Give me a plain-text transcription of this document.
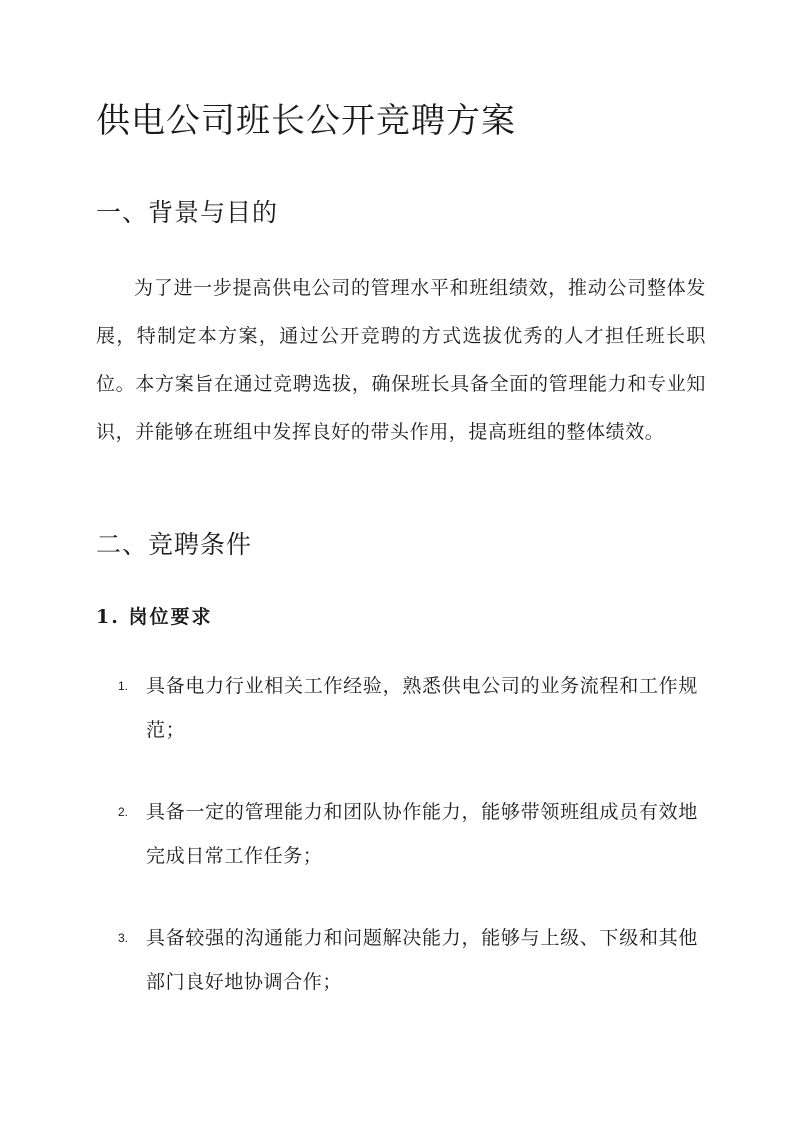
供电公司班长公开竞聘方案
一、背景与目的

为了进一步提高供电公司的管理水平和班组绩效，推动公司整体发展，特制定本方案，通过公开竞聘的方式选拔优秀的人才担任班长职位。本方案旨在通过竞聘选拔，确保班长具备全面的管理能力和专业知识，并能够在班组中发挥良好的带头作用，提高班组的整体绩效。

二、竞聘条件
1. 岗位要求
1. 具备电力行业相关工作经验，熟悉供电公司的业务流程和工作规范；
2. 具备一定的管理能力和团队协作能力，能够带领班组成员有效地完成日常工作任务；
3. 具备较强的沟通能力和问题解决能力，能够与上级、下级和其他部门良好地协调合作；
